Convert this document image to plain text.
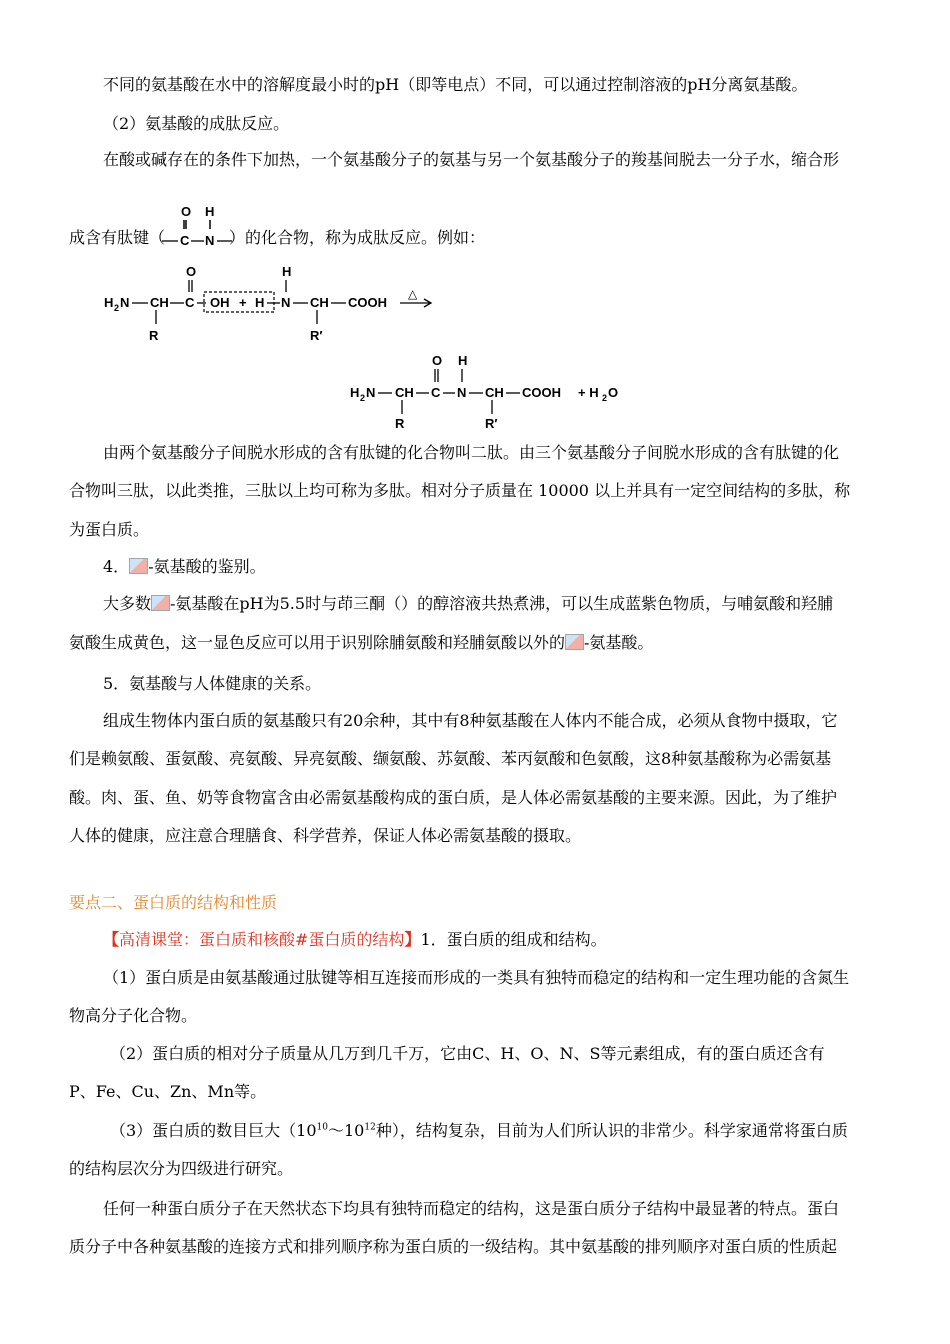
不同的氨基酸在水中的溶解度最小时的pH（即等电点）不同，可以通过控制溶液的pH分离氨基酸。
（2）氨基酸的成肽反应。
在酸或碱存在的条件下加热，一个氨基酸分子的氨基与另一个氨基酸分子的羧基间脱去一分子水，缩合形
成含有肽键（	）的化合物，称为成肽反应。例如：
O H
C N
H 2 N CH
R
C
O
OH + H N
H
CH
R′
COOH
△
H 2 N CH
R
C
O
N
H
CH
R′
COOH + H 2 O
由两个氨基酸分子间脱水形成的含有肽键的化合物叫二肽。由三个氨基酸分子间脱水形成的含有肽键的化
合物叫三肽，以此类推，三肽以上均可称为多肽。相对分子质量在 10000 以上并具有一定空间结构的多肽，称
为蛋白质。
4． -氨基酸的鉴别。
大多数 -氨基酸在pH为5.5时与茚三酮（）的醇溶液共热煮沸，可以生成蓝紫色物质，与哺氨酸和羟脯
氨酸生成黄色，这一显色反应可以用于识别除脯氨酸和羟脯氨酸以外的 -氨基酸。
5．氨基酸与人体健康的关系。
组成生物体内蛋白质的氨基酸只有20余种，其中有8种氨基酸在人体内不能合成，必须从食物中摄取，它
们是赖氨酸、蛋氨酸、亮氨酸、异亮氨酸、缬氨酸、苏氨酸、苯丙氨酸和色氨酸，这8种氨基酸称为必需氨基
酸。肉、蛋、鱼、奶等食物富含由必需氨基酸构成的蛋白质，是人体必需氨基酸的主要来源。因此，为了维护
人体的健康，应注意合理膳食、科学营养，保证人体必需氨基酸的摄取。
要点二、蛋白质的结构和性质
【高清课堂：蛋白质和核酸#蛋白质的结构】1．蛋白质的组成和结构。
（1）蛋白质是由氨基酸通过肽键等相互连接而形成的一类具有独特而稳定的结构和一定生理功能的含氮生
物高分子化合物。
（2）蛋白质的相对分子质量从几万到几千万，它由C、H、O、N、S等元素组成，有的蛋白质还含有
P、Fe、Cu、Zn、Mn等。
（3）蛋白质的数目巨大（$10^{10}\sim 10^{12}$种），结构复杂，目前为人们所认识的非常少。科学家通常将蛋白质
的结构层次分为四级进行研究。
任何一种蛋白质分子在天然状态下均具有独特而稳定的结构，这是蛋白质分子结构中最显著的特点。蛋白
质分子中各种氨基酸的连接方式和排列顺序称为蛋白质的一级结构。其中氨基酸的排列顺序对蛋白质的性质起
